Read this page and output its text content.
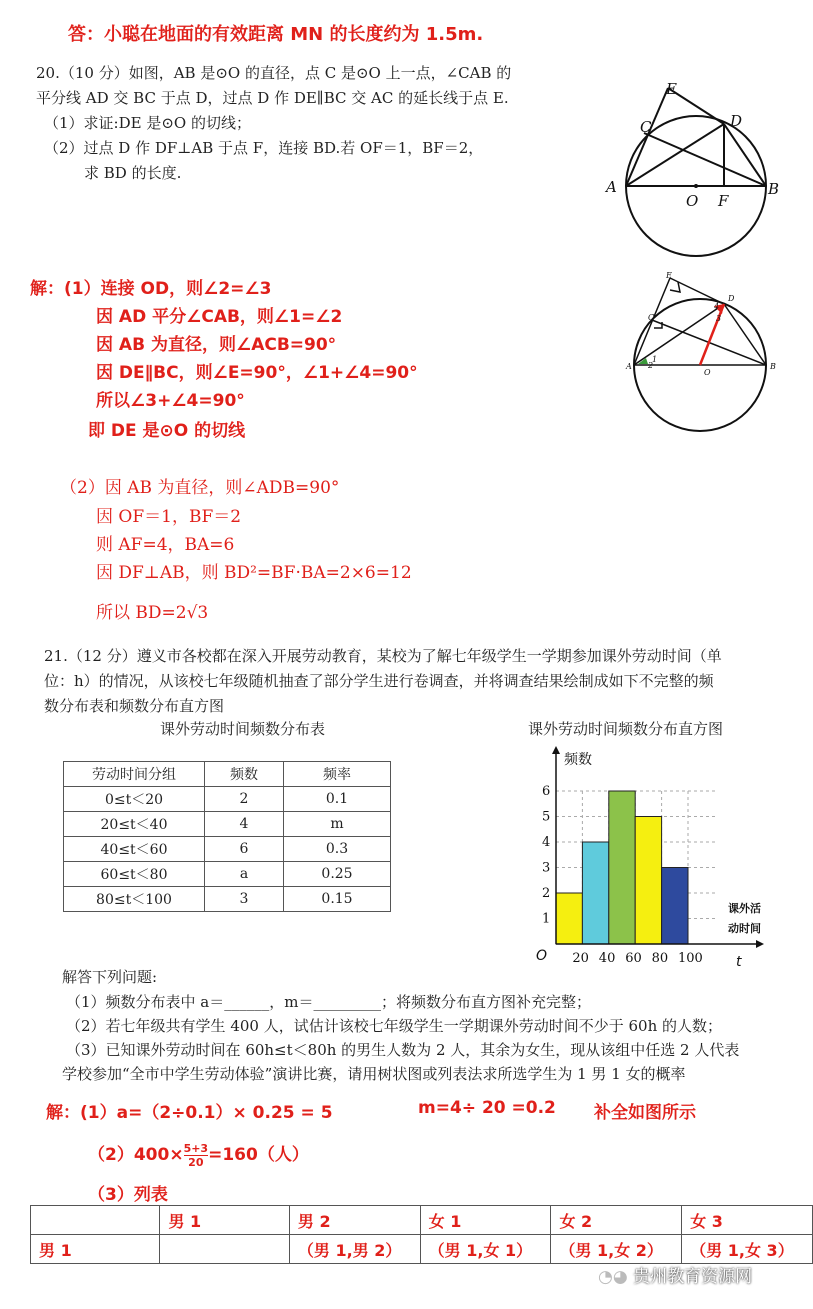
答：小聪在地面的有效距离 MN 的长度约为 1.5m.
20.（10 分）如图，AB 是⊙O 的直径，点 C 是⊙O 上一点，∠CAB 的
平分线 AD 交 BC 于点 D，过点 D 作 DE∥BC 交 AC 的延长线于点 E.
（1）求证:DE 是⊙O 的切线；
（2）过点 D 作 DF⊥AB 于点 F，连接 BD.若 OF＝1，BF＝2，
求 BD 的长度.
E
C	D
A
O F
B
解：(1）连接 OD，则∠2=∠3
因 AD 平分∠CAB，则∠1=∠2
因 AB 为直径，则∠ACB=90°
因 DE∥BC，则∠E=90°，∠1+∠4=90°
所以∠3+∠4=90°
即 DE 是⊙O 的切线
（2）因 AB 为直径，则∠ADB=90°
因 OF＝1，BF＝2
则 AF=4，BA=6
因 DF⊥AB，则 BD²=BF·BA=2×6=12
所以 BD=2√3
E
C
D
A
O
B
1
2
3
4
21.（12 分）遵义市各校都在深入开展劳动教育，某校为了解七年级学生一学期参加课外劳动时间（单
位：h）的情况，从该校七年级随机抽查了部分学生进行卷调查，并将调查结果绘制成如下不完整的频
数分布表和频数分布直方图
课外劳动时间频数分布表	课外劳动时间频数分布直方图
劳动时间分组	频数	频率
0≤t＜20	2	0.1
20≤t＜40	4	m
40≤t＜60	6	0.3
60≤t＜80	a	0.25
80≤t＜100	3	0.15
1
2
3
4
5
6
20 40 60 80 100
频数
O	t
课外活
动时间
解答下列问题:
（1）频数分布表中 a＝______，m＝_________；将频数分布直方图补充完整；
（2）若七年级共有学生 400 人，试估计该校七年级学生一学期课外劳动时间不少于 60h 的人数；
（3）已知课外劳动时间在 60h≤t＜80h 的男生人数为 2 人，其余为女生，现从该组中任选 2 人代表
学校参加“全市中学生劳动体验”演讲比赛，请用树状图或列表法求所选学生为 1 男 1 女的概率
解：(1）a=（2÷0.1）× 0.25 = 5	m=4÷ 20 =0.2 补全如图所示
$(2)400\times \frac{5+3}{20} =160$（人）
（3）列表
	男 1	男 2	女 1	女 2	女 3
男 1		（男 1,男 2）	（男 1,女 1）	（男 1,女 2）	（男 1,女 3）
◔◕ 贵州教育资源网
